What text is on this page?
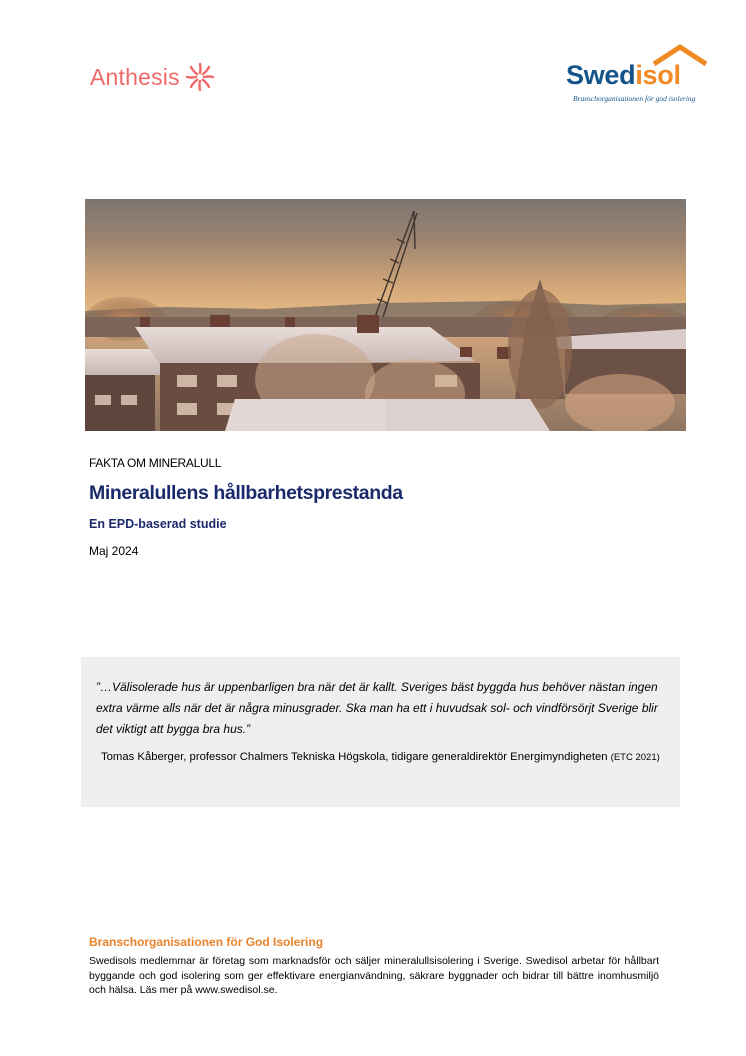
Anthesis	Swedisol
Branschorganisationen för god isolering
FAKTA OM MINERALULL
Mineralullens hållbarhetsprestanda
En EPD-baserad studie
Maj 2024
”…Välisolerade hus är uppenbarligen bra när det är kallt. Sveriges bäst byggda hus behöver nästan ingen extra värme alls när det är några minusgrader. Ska man ha ett i huvudsak sol- och vindförsörjt Sverige blir det viktigt att bygga bra hus.”
Tomas Kåberger, professor Chalmers Tekniska Högskola, tidigare generaldirektör Energimyndigheten (ETC 2021)
Branschorganisationen för God Isolering
Swedisols medlemmar är företag som marknadsför och säljer mineralullsisolering i Sverige. Swedisol arbetar för hållbart byggande och god isolering som ger effektivare energianvändning, säkrare byggnader och bidrar till bättre inomhusmiljö och hälsa. Läs mer på www.swedisol.se.
